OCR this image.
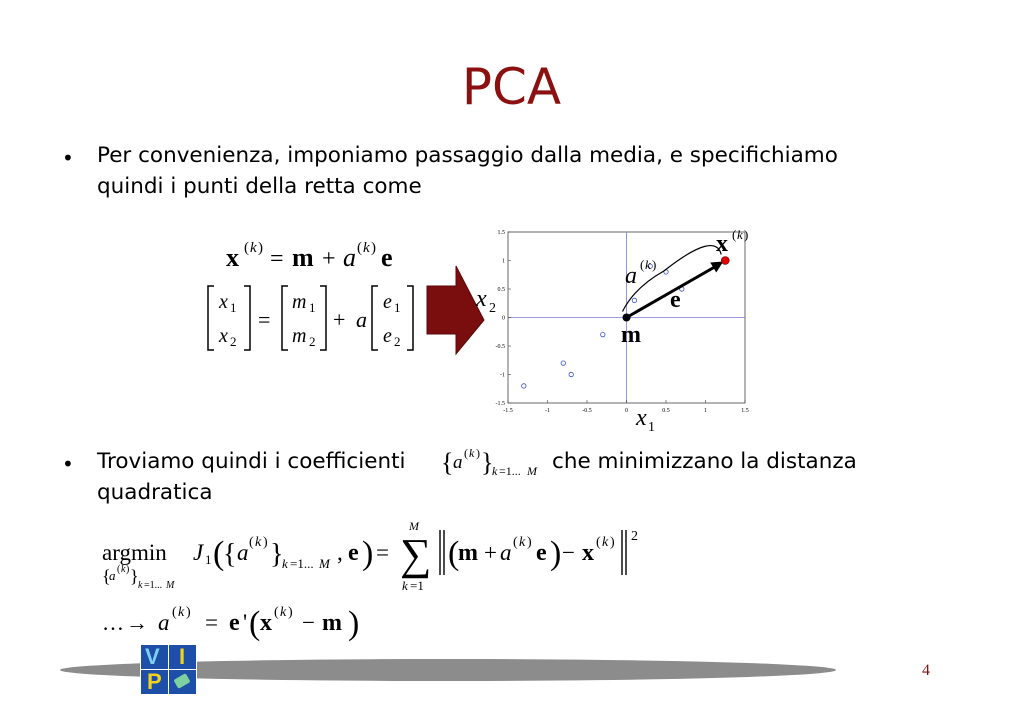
PCA
• Per convenienza, imponiamo passaggio dalla media, e specifichiamo
quindi i punti della retta come
x ( k ) = m + a ( k ) e
x 1
x 2
=
m 1
m 2
+ a
e 1
e 2
-1.5	-1	-0.5	0	0.5	1	1.5
1.5
1
0.5
0
-0.5
-1
-1.5
x ( k )
a ( k )
e
m
x 2
x 1
• Troviamo quindi i coefficienti	che minimizzano la distanza
quadratica
{ a ( k ) }
k =1... M
argmin
{
a ( k ) } k =1... M
J 1 (
{ a ( k ) }
k =1... M , e ) = ∑
M
k =1
(
m + a ( k ) e ) − x ( k ) 2
… → a ( k ) = e ' ( x ( k ) − m )
V I
P	4
